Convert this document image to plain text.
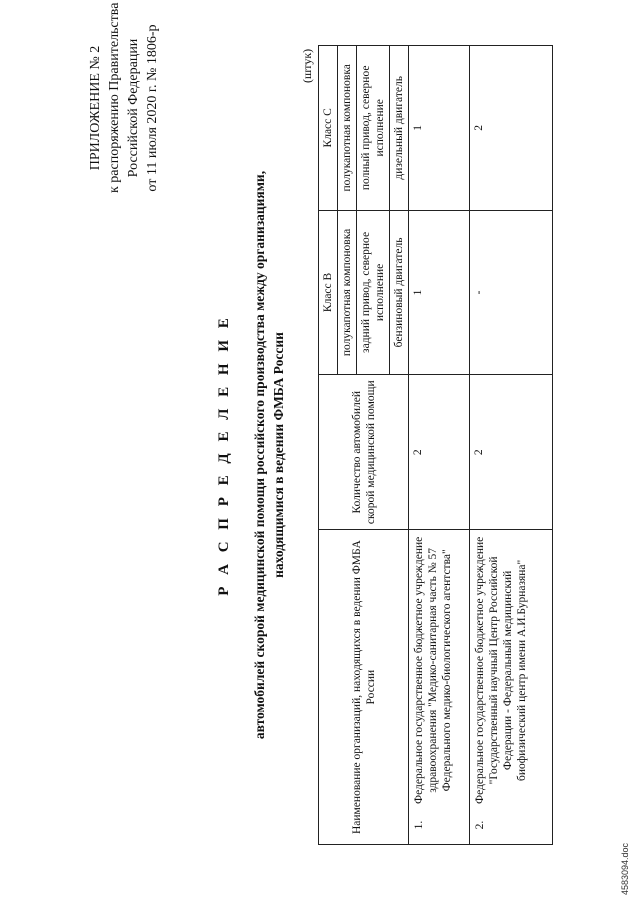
ПРИЛОЖЕНИЕ № 2 к распоряжению Правительства Российской Федерации от 11 июля 2020 г. № 1806-р
Р А С П Р Е Д Е Л Е Н И Е автомобилей скорой медицинской помощи российского производства между организациями, находящимися в ведении ФМБА России
(штук)
Наименование организаций, находящихся в ведении ФМБА России	Количество автомобилей скорой медицинской помощи	Класс B	Класс C
		полукапотная компоновка	полукапотная компоновка
		задний привод, северное исполнение	полный привод, северное исполнение
		бензиновый двигатель	дизельный двигатель

1.
Федеральное государственное бюджетное учреждение здравоохранения "Медико-санитарная часть № 57 Федерального медико-биологического агентства"	2	1	1

2.
Федеральное государственное бюджетное учреждение "Государственный научный Центр Российской Федерации - Федеральный медицинский биофизический центр имени А.И.Бурназяна"	2	-	2
4583094.doc
